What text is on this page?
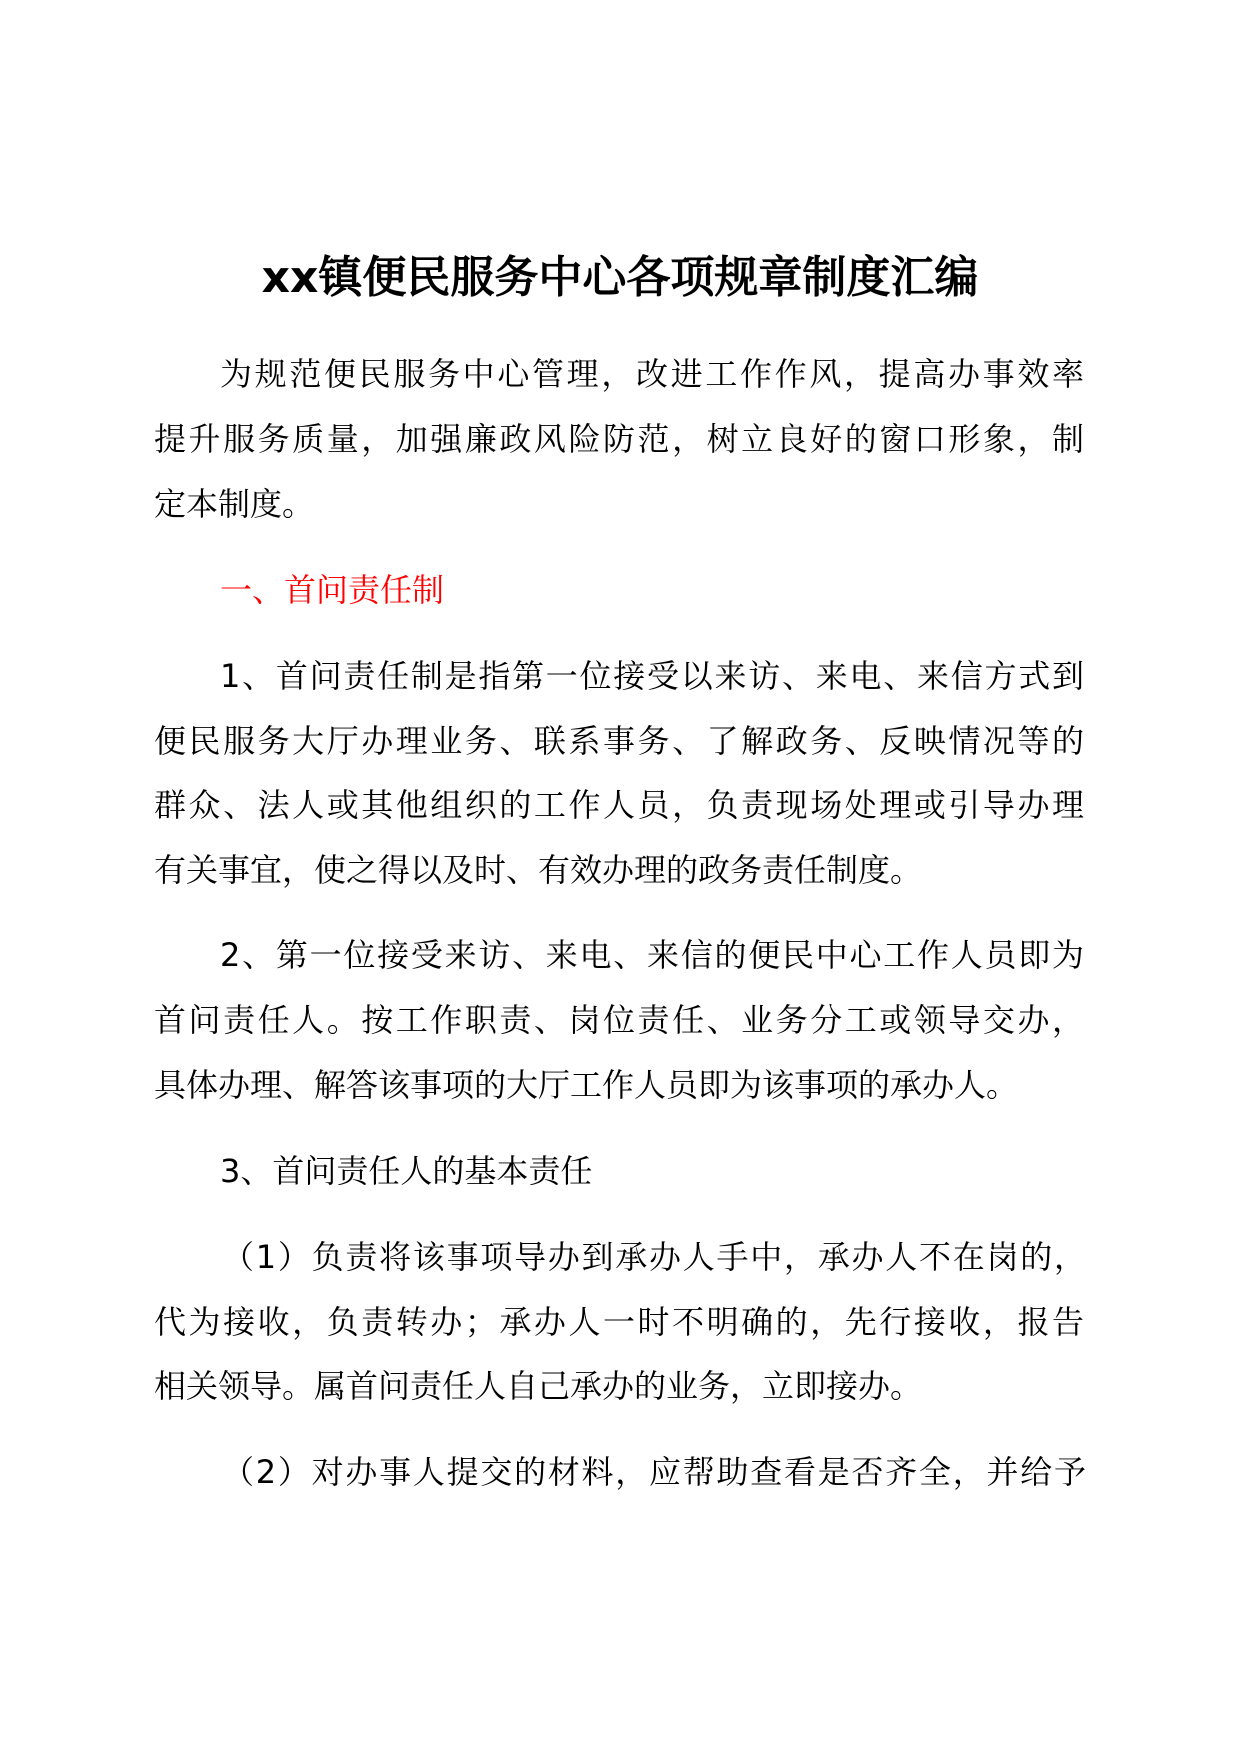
xx镇便民服务中心各项规章制度汇编
为规范便民服务中心管理，改进工作作风，提高办事效率
提升服务质量，加强廉政风险防范，树立良好的窗口形象，制
定本制度。
一、首问责任制
1、首问责任制是指第一位接受以来访、来电、来信方式到
便民服务大厅办理业务、联系事务、了解政务、反映情况等的
群众、法人或其他组织的工作人员，负责现场处理或引导办理
有关事宜，使之得以及时、有效办理的政务责任制度。
2、第一位接受来访、来电、来信的便民中心工作人员即为
首问责任人。按工作职责、岗位责任、业务分工或领导交办，
具体办理、解答该事项的大厅工作人员即为该事项的承办人。
3、首问责任人的基本责任
（1）负责将该事项导办到承办人手中，承办人不在岗的，
代为接收，负责转办；承办人一时不明确的，先行接收，报告
相关领导。属首问责任人自己承办的业务，立即接办。
（2）对办事人提交的材料，应帮助查看是否齐全，并给予
